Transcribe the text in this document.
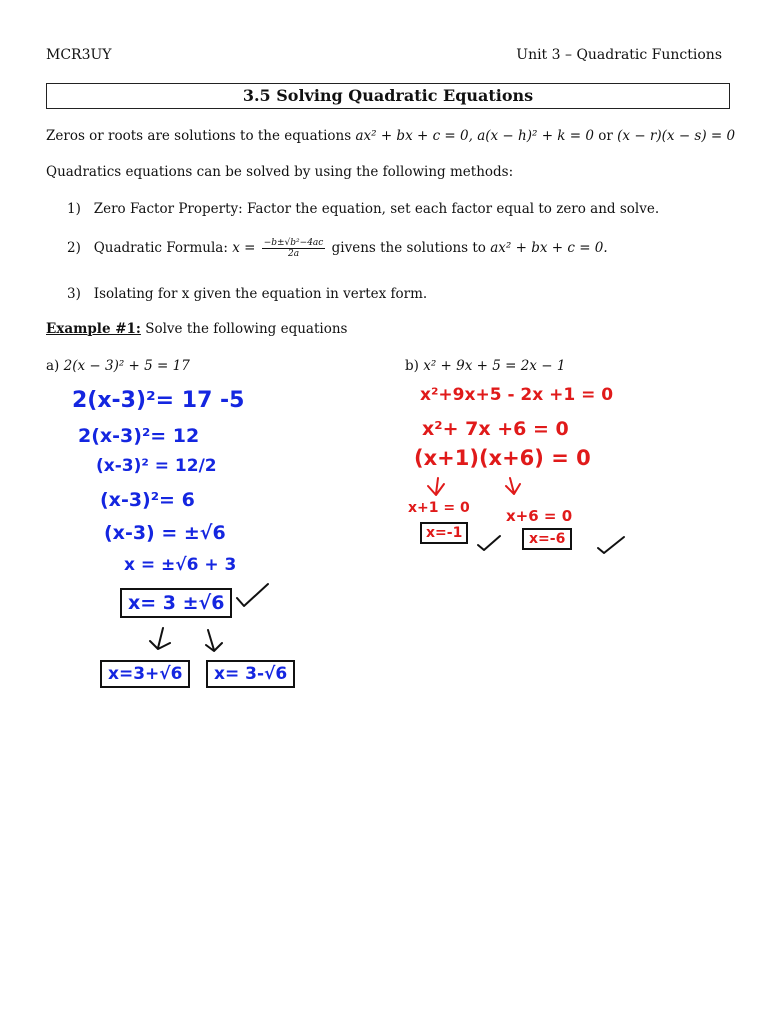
MCR3UY	Unit 3 – Quadratic Functions
3.5 Solving Quadratic Equations
Zeros or roots are solutions to the equations ax² + bx + c = 0, a(x − h)² + k = 0 or (x − r)(x − s) = 0
Quadratics equations can be solved by using the following methods:
1) Zero Factor Property: Factor the equation, set each factor equal to zero and solve.
2) Quadratic Formula: $x = \frac{\text{−b±√b²−4ac}}{2a}$ givens the solutions to ax² + bx + c = 0.
3) Isolating for x given the equation in vertex form.
Example #1: Solve the following equations
a) 2(x − 3)² + 5 = 17	b) x² + 9x + 5 = 2x − 1
2(x-3)²= 17 -5
2(x-3)²= 12
(x-3)² = 12/2
(x-3)²= 6
(x-3) = ±√6
x = ±√6 + 3
x= 3 ±√6
x=3+√6	x= 3-√6
x²+9x+5 - 2x +1 = 0
x²+ 7x +6 = 0
(x+1)(x+6) = 0
x+1 = 0 x+6 = 0
x=-1	x=-6
